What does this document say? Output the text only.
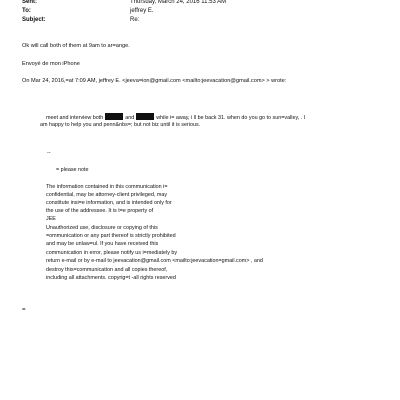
Sent:	Thursday, March 24, 2016 11:53 AM
To:	jeffrey E.
Subject:	Re:
Ok will call both of them at 9am to ar=ange.
Envoyé de mon iPhone
On Mar 24, 2016,=at 7:09 AM, jeffrey E. <jeeva=ion@gmail.com <mailto:jeevacation@gmail.com> > wrote:
meet and interview both	and	while i= away, i ll be back 31. when do you go to sun=valley, . I
am happy to help you and penn&nbs=; but not biz until it is serious.
--
= please note
The information contained in this communication i=
confidential, may be attorney-client privileged, may
constitute insi=e information, and is intended only for
the use of the addressee. It is t=e property of
JEE
Unauthorized use, disclosure or copying of this
=ommunication or any part thereof is strictly prohibited
and may be unlaw=ul. If you have received this
communication in error, please notify us i=mediately by
return e-mail or by e-mail to jeevacation@gmail.com <mailto:jeevacation=gmail.com> , and
destroy this=communication and all copies thereof,
including all attachments. copyrig=t -all rights reserved
=
